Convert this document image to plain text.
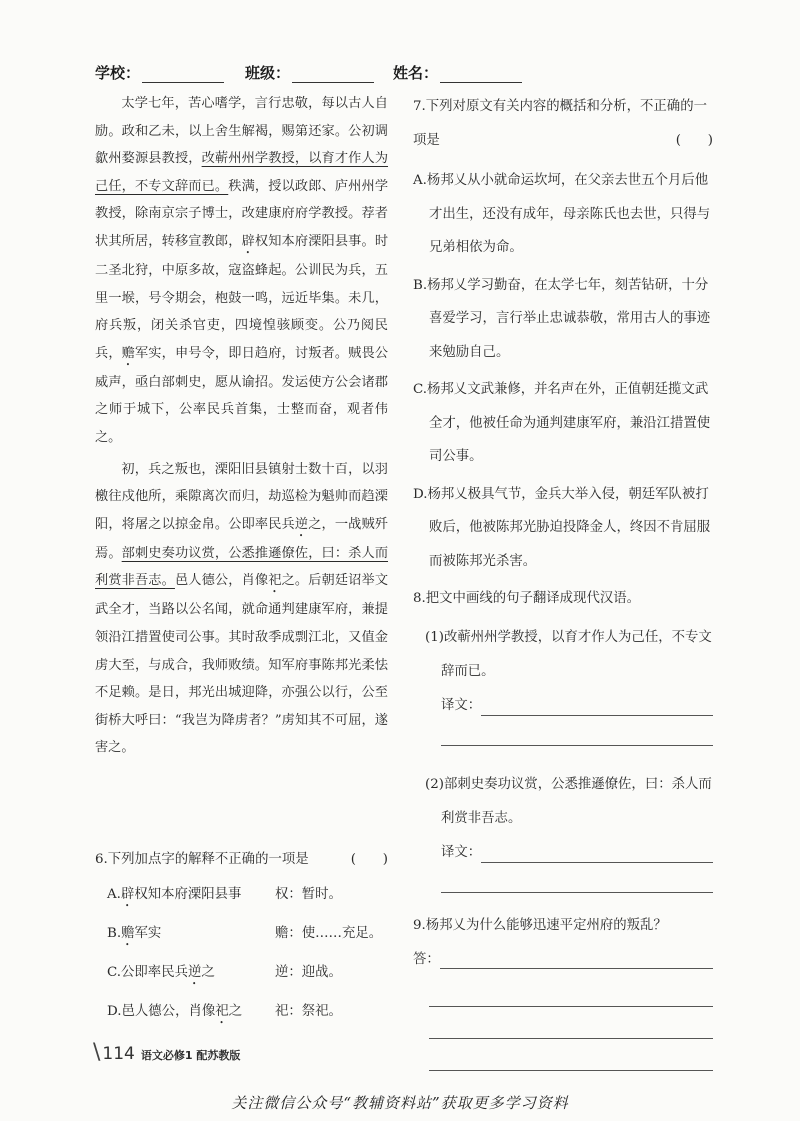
学校：	班级：	姓名：

太学七年，苦心嗜学，言行忠敬，每以古人自励。政和乙未，以上舍生解褐，赐第还家。公初调歙州婺源县教授，改蕲州州学教授，以育才作人为己任，不专文辞而已。秩满，授以政郎、庐州州学教授，除南京宗子博士，改建康府府学教授。荐者状其所居，转移宣教郎，辟权知本府溧阳县事。时二圣北狩，中原多故，寇盗蜂起。公训民为兵，五里一堠，号令期会，枹鼓一鸣，远近毕集。未几，府兵叛，闭关杀官吏，四境惶骇顾变。公乃阅民兵，赡军实，申号令，即日趋府，讨叛者。贼畏公威声，亟白部刺史，愿从谕招。发运使方公会诸郡之师于城下，公率民兵首集，士整而奋，观者伟之。

初，兵之叛也，溧阳旧县镇射士数十百，以羽檄往戍他所，乘隙离次而归，劫巡检为魁帅而趋溧阳，将屠之以掠金帛。公即率民兵逆之，一战贼歼焉。部刺史奏功议赏，公悉推遜僚佐，曰：杀人而利赏非吾志。邑人德公，肖像祀之。后朝廷诏举文武全才，当路以公名闻，就命通判建康军府，兼提领沿江措置使司公事。其时敌季成剽江北，又值金虏大至，与成合，我师败绩。知军府事陈邦光柔怯不足赖。是日，邦光出城迎降，亦强公以行，公至街桥大呼曰：“我岂为降虏者？”虏知其不可屈，遂害之。

6.下列加点字的解释不正确的一项是	(　　)
A.辟权知本府溧阳县事	权：暂时。
B.赡军实	赡：使……充足。
C.公即率民兵逆之	逆：迎战。
D.邑人德公，肖像祀之	祀：祭祀。
7.下列对原文有关内容的概括和分析，不正确的一项是	(　　)
A.杨邦乂从小就命运坎坷，在父亲去世五个月后他才出生，还没有成年，母亲陈氏也去世，只得与兄弟相依为命。
B.杨邦乂学习勤奋，在太学七年，刻苦钻研，十分喜爱学习，言行举止忠诚恭敬，常用古人的事迹来勉励自己。
C.杨邦乂文武兼修，并名声在外，正值朝廷揽文武全才，他被任命为通判建康军府，兼沿江措置使司公事。
D.杨邦乂极具气节，金兵大举入侵，朝廷军队被打败后，他被陈邦光胁迫投降金人，终因不肯屈服而被陈邦光杀害。
8.把文中画线的句子翻译成现代汉语。
(1)改蕲州州学教授，以育才作人为己任，不专文辞而已。
译文：
(2)部刺史奏功议赏，公悉推遜僚佐，曰：杀人而利赏非吾志。
译文：
9.杨邦乂为什么能够迅速平定州府的叛乱？
答：
\ 114 语文必修1 配苏教版
关注微信公众号“教辅资料站”获取更多学习资料
